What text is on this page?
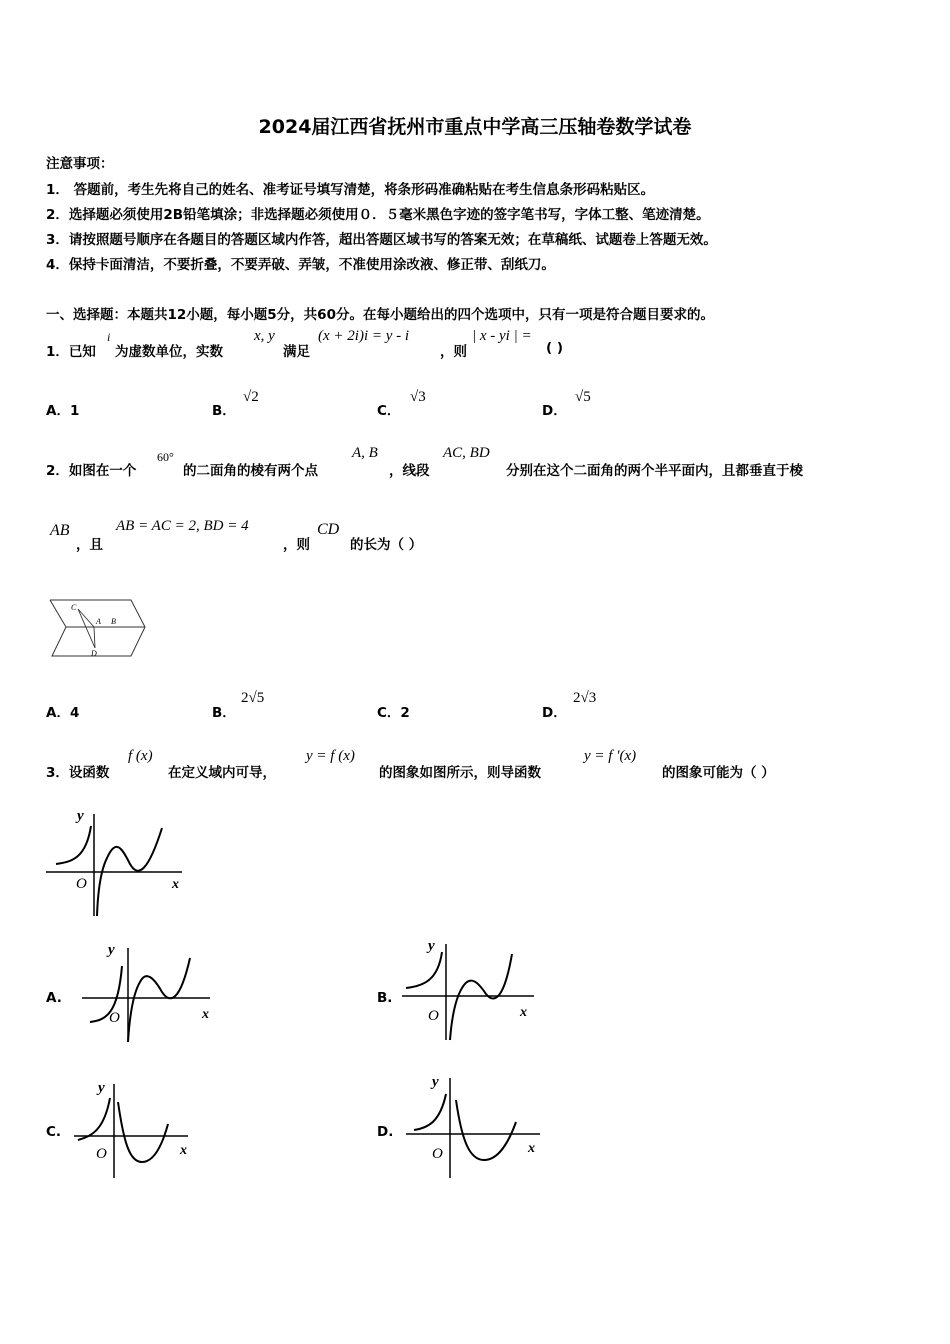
2024届江西省抚州市重点中学高三压轴卷数学试卷
注意事项：
1． 答题前，考生先将自己的姓名、准考证号填写清楚，将条形码准确粘贴在考生信息条形码粘贴区。
2．选择题必须使用2B铅笔填涂；非选择题必须使用０．５毫米黑色字迹的签字笔书写，字体工整、笔迹清楚。
3．请按照题号顺序在各题目的答题区域内作答，超出答题区域书写的答案无效；在草稿纸、试题卷上答题无效。
4．保持卡面清洁，不要折叠，不要弄破、弄皱，不准使用涂改液、修正带、刮纸刀。
一、选择题：本题共12小题，每小题5分，共60分。在每小题给出的四个选项中，只有一项是符合题目要求的。
1．已知
i
为虚数单位，实数
x, y
满足
(x + 2i)i = y - i
，则
| x - yi | =
( )
A．1	B．
√2
C．
√3
D．
√5
2．如图在一个
60°
的二面角的棱有两个点
A, B
，线段
AC, BD
分别在这个二面角的两个半平面内，且都垂直于棱
AB
，且
AB = AC = 2, BD = 4
，则
CD
的长为（ ）
C
A B
D
A．4	B．
2√5
C．2	D．
2√3
3．设函数
f (x)
在定义域内可导，
y = f (x)
的图象如图所示，则导函数
y = f ′(x)
的图象可能为（ ）
y
O	x
A.
y
O	x
B.
y
O	x
C.
y
O	x
D.
y
O	x
